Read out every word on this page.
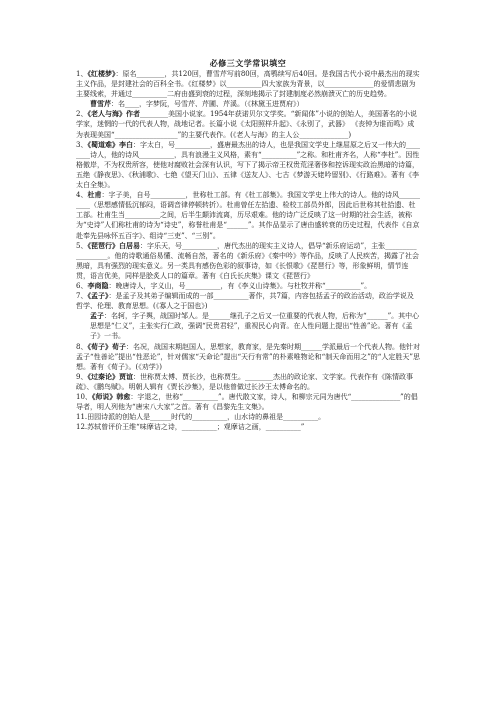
必修三文学常识填空

1、《红楼梦》：原名________，共120回，曹雪芹写前80回，高鹗续写后40回。是我国古代小说中最杰出的现实主义作品，是封建社会的百科全书。《红楼梦》以__________四大家族为背景，以______________的爱情悲剧为主要线索，并通过__________二府由盛到衰的过程，深刻地揭示了封建制度必然崩溃灭亡的历史趋势。

曹雪芹：名____，字梦阮，号雪芹、芹圃、芹溪。（《林黛玉进贾府》）

2、《老人与海》作者________美国小说家。1954年获诺贝尔文学奖。“新闻体”小说的创始人，美国著名的小说学家，迷惘的一代的代表人物，战地记者。长篇小说《太阳照样升起》、《永别了，武器》 《丧钟为谁而鸣》成为表现美国“__________________”的主要代表作。(《老人与海》的主人公______________)

3、《蜀道难》李白：字太白，号__________，盛唐最杰出的诗人，也是我国文学史上继屈原之后又一伟大的________诗人，他的诗风__________，具有浪漫主义风格，素有“__________”之称。和杜甫齐名，人称“李杜”。因性格傲岸，不为权贵所容，使他对腐败社会深有认识，写下了揭示帝王权贵荒淫奢侈和控诉现实政治黑暗的诗篇，五绝《静夜思》、《秋浦歌》、七绝《望天门山》、五律《送友人》、七古《梦游天姥吟留别》、《行路难》。著有《李太白全集》。

4、杜甫：字子美，自号__________，世称杜工部。有《杜工部集》。我国文学史上伟大的诗人。他的诗风__________（思想感情低沉郁闷，语调音律停顿转折）。杜甫曾任左拾遗、检校工部员外郎，因此后世称其杜拾遗、杜工部。杜甫生当__________之间，后半生颠沛流离，历尽艰难。他的诗广泛反映了这一时期的社会生活，被称为“史诗”人们称杜甫的诗为“诗史”，称誉杜甫是“______”。其作品显示了唐由盛转衰的历史过程，代表作《自京赴奉先县咏怀五百字》、组诗“三吏”、“三别”。

5、《琵琶行》白居易：字乐天，号__________，唐代杰出的现实主义诗人，倡导“新乐府运动”，主张__________________。他的诗歌通俗易懂、流畅自然，著名的《新乐府》《秦中吟》等作品，反映了人民疾苦，揭露了社会黑暗，具有强烈的现实意义。另一类具有感伤色彩的叙事诗，如《长恨歌》《琵琶行》等，形象鲜明，情节连贯，语言优美，同样是脍炙人口的篇章。著有《白氏长庆集》课文《琵琶行》

6、李商隐：晚唐诗人，字义山，号__________，有《李义山诗集》。与杜牧并称“__________”。

7、《孟子》：是孟子及其弟子编辑而成的一部__________著作，共7篇，内容包括孟子的政治活动，政治学说及哲学、伦理、教育思想。(《寡人之于国也》)

孟子：名轲，字子舆，战国时邹人。是______继孔子之后又一位重要的代表人物，后称为“______”。其中心思想是“仁义”，主张实行仁政，强调“民贵君轻”，重视民心向背。在人性问题上提出“性善”论。著有《孟子》一书。

8、《荀子》荀子：名况，战国末期赵国人，思想家，教育家，是先秦时期______学派最后一个代表人物。他针对孟子“性善论”提出“性恶论”，针对儒家“天命论”提出“天行有常”的朴素唯物论和“制天命而用之”的“人定胜天”思想。著有《荀子》。(《劝学》)

9、《过秦论》贾谊：世称贾太傅、贾长沙，也称贾生。________杰出的政论家、文学家。代表作有《陈情政事疏》、《鹏鸟赋》。明朝人辑有《贾长沙集》，是以他曾做过长沙王太傅命名的。

10、《师说》韩愈：字退之，世称“__________”。唐代散文家，诗人，和柳宗元同为唐代“______________”的倡导者，明人列他为“唐宋八大家”之首。著有《昌黎先生文集》。

11.田园诗派的创始人是______时代的__________，山水诗的鼻祖是__________。

12.苏轼曾评价王维“味摩诘之诗，__________；观摩诘之画，__________”
